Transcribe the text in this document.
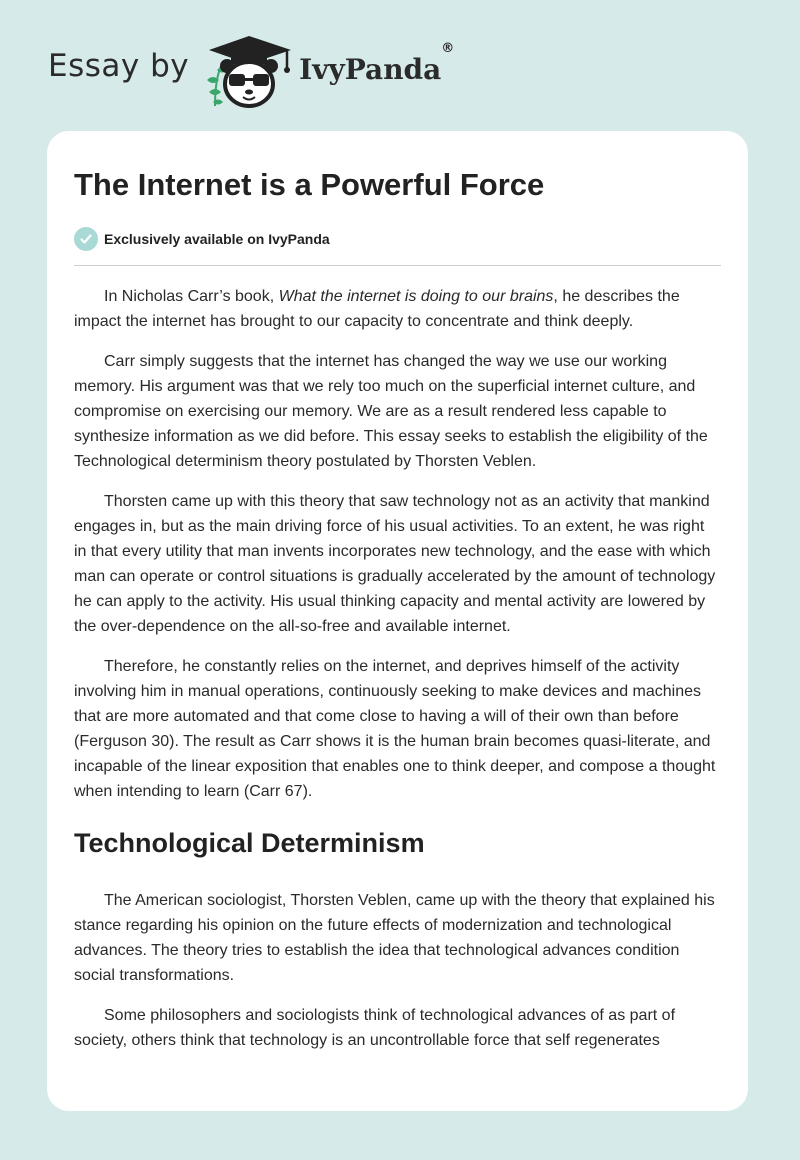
Essay by	IvyPanda®
The Internet is a Powerful Force
Exclusively available on IvyPanda

In Nicholas Carr’s book, What the internet is doing to our brains, he describes the impact the internet has brought to our capacity to concentrate and think deeply.

Carr simply suggests that the internet has changed the way we use our working memory. His argument was that we rely too much on the superficial internet culture, and compromise on exercising our memory. We are as a result rendered less capable to synthesize information as we did before. This essay seeks to establish the eligibility of the Technological determinism theory postulated by Thorsten Veblen.

Thorsten came up with this theory that saw technology not as an activity that mankind engages in, but as the main driving force of his usual activities. To an extent, he was right in that every utility that man invents incorporates new technology, and the ease with which man can operate or control situations is gradually accelerated by the amount of technology he can apply to the activity. His usual thinking capacity and mental activity are lowered by the over-dependence on the all-so-free and available internet.

Therefore, he constantly relies on the internet, and deprives himself of the activity involving him in manual operations, continuously seeking to make devices and machines that are more automated and that come close to having a will of their own than before (Ferguson 30). The result as Carr shows it is the human brain becomes quasi-literate, and incapable of the linear exposition that enables one to think deeper, and compose a thought when intending to learn (Carr 67).

Technological Determinism

The American sociologist, Thorsten Veblen, came up with the theory that explained his stance regarding his opinion on the future effects of modernization and technological advances. The theory tries to establish the idea that technological advances condition social transformations.

Some philosophers and sociologists think of technological advances of as part of society, others think that technology is an uncontrollable force that self regenerates
